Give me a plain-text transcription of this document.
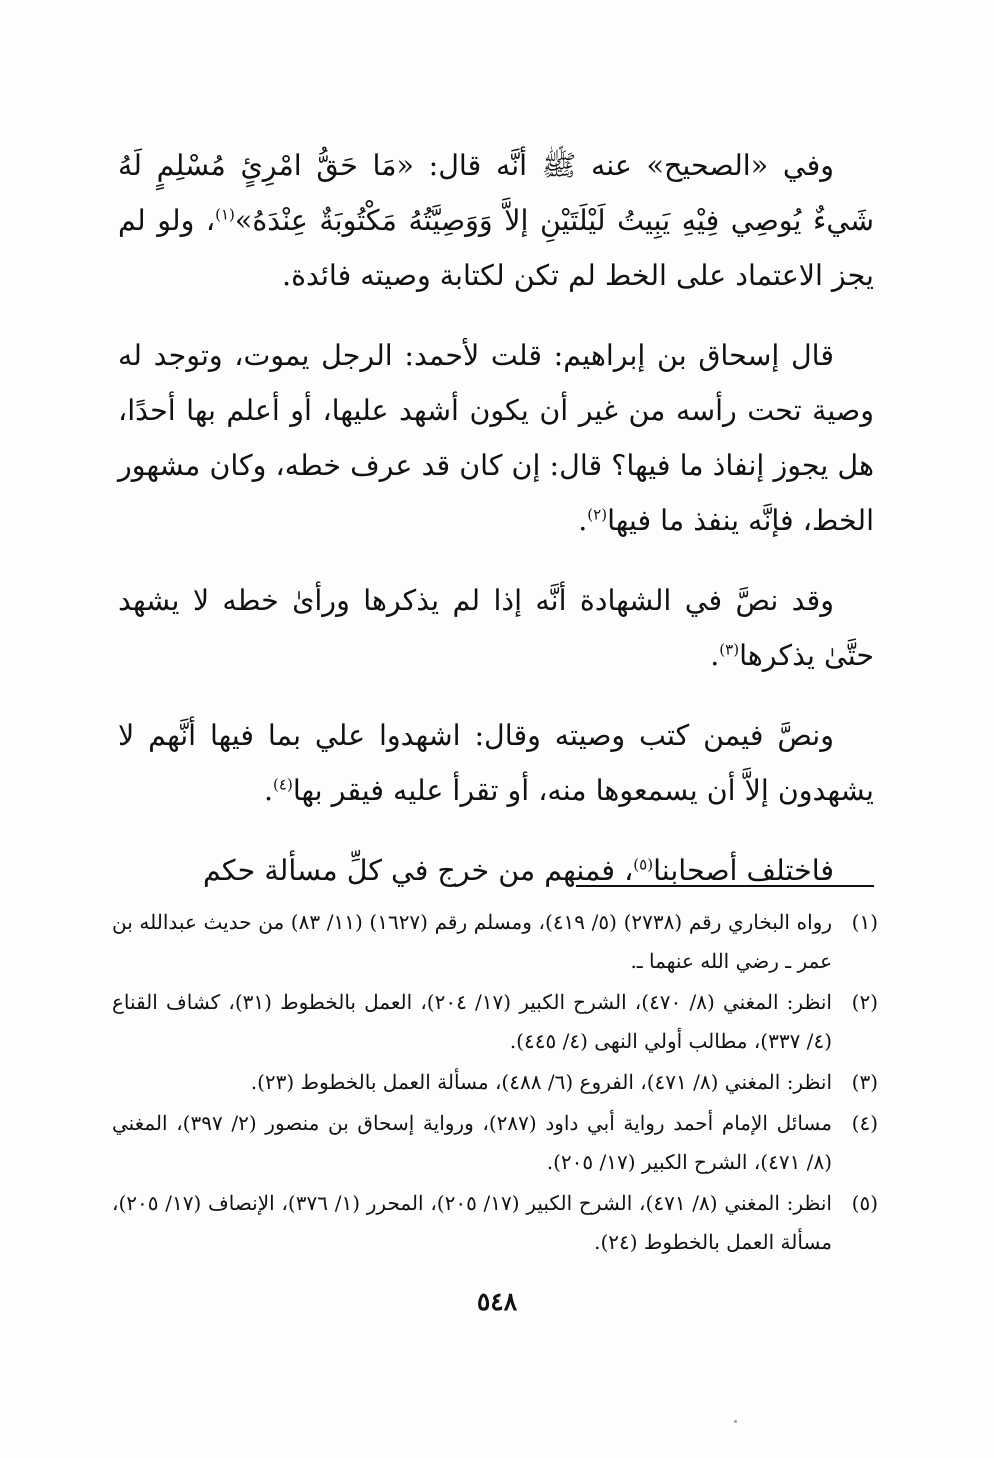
وفي «الصحيح» عنه ﷺ أنَّه قال: «مَا حَقُّ امْرِئٍ مُسْلِمٍ لَهُ شَيءٌ يُوصِي فِيْهِ يَبِيتُ لَيْلَتَيْنِ إلاَّ وَوَصِيَّتُهُ مَكْتُوبَةٌ عِنْدَهُ»$^{(١)}$، ولو لم يجز الاعتماد على الخط لم تكن لكتابة وصيته فائدة.

قال إسحاق بن إبراهيم: قلت لأحمد: الرجل يموت، وتوجد له وصية تحت رأسه من غير أن يكون أشهد عليها، أو أعلم بها أحدًا، هل يجوز إنفاذ ما فيها؟ قال: إن كان قد عرف خطه، وكان مشهور الخط، فإنَّه ينفذ ما فيها$^{(٢)}$.

وقد نصَّ في الشهادة أنَّه إذا لم يذكرها ورأىٰ خطه لا يشهد حتَّىٰ يذكرها$^{(٣)}$.

ونصَّ فيمن كتب وصيته وقال: اشهدوا علي بما فيها أنَّهم لا يشهدون إلاَّ أن يسمعوها منه، أو تقرأ عليه فيقر بها$^{(٤)}$.

فاختلف أصحابنا$^{(٥)}$، فمنهم من خرج في كلِّ مسألة حكم

(١)
رواه البخاري رقم (٢٧٣٨) (٥/ ٤١٩)، ومسلم رقم (١٦٢٧) (١١/ ٨٣) من حديث عبدالله بن عمر ـ رضي الله عنهما ـ.
(٢)
انظر: المغني (٨/ ٤٧٠)، الشرح الكبير (١٧/ ٢٠٤)، العمل بالخطوط (٣١)، كشاف القناع (٤/ ٣٣٧)، مطالب أولي النهى (٤/ ٤٤٥).
(٣)
انظر: المغني (٨/ ٤٧١)، الفروع (٦/ ٤٨٨)، مسألة العمل بالخطوط (٢٣).
(٤)
مسائل الإمام أحمد رواية أبي داود (٢٨٧)، ورواية إسحاق بن منصور (٢/ ٣٩٧)، المغني (٨/ ٤٧١)، الشرح الكبير (١٧/ ٢٠٥).
(٥)
انظر: المغني (٨/ ٤٧١)، الشرح الكبير (١٧/ ٢٠٥)، المحرر (١/ ٣٧٦)، الإنصاف (١٧/ ٢٠٥)، مسألة العمل بالخطوط (٢٤).
٥٤٨
